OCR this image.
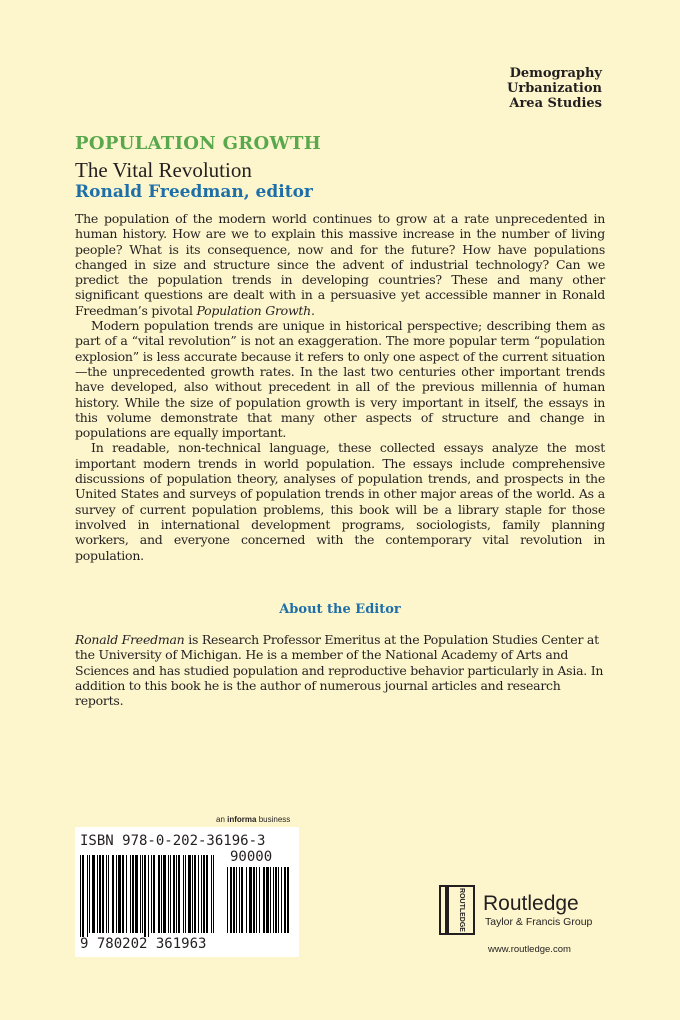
Demography
Urbanization
Area Studies
POPULATION GROWTH
The Vital Revolution
Ronald Freedman, editor

The population of the modern world continues to grow at a rate unprecedented in human history. How are we to explain this massive increase in the number of living people? What is its consequence, now and for the future? How have populations changed in size and structure since the advent of industrial technology? Can we predict the population trends in developing countries? These and many other significant questions are dealt with in a persuasive yet accessible manner in Ronald Freedman’s pivotal Population Growth.

Modern population trends are unique in historical perspective; describing them as part of a “vital revolution” is not an exaggeration. The more popular term “population explosion” is less accurate because it refers to only one aspect of the current situation—the unprecedented growth rates. In the last two centuries other important trends have developed, also without precedent in all of the previous millennia of human history. While the size of population growth is very important in itself, the essays in this volume demonstrate that many other aspects of structure and change in populations are equally important.

In readable, non-technical language, these collected essays analyze the most important modern trends in world population. The essays include comprehensive discussions of population theory, analyses of population trends, and prospects in the United States and surveys of population trends in other major areas of the world. As a survey of current population problems, this book will be a library staple for those involved in international development programs, sociologists, family planning workers, and everyone concerned with the contemporary vital revolution in population.

About the Editor

Ronald Freedman is Research Professor Emeritus at the Population Studies Center at the University of Michigan. He is a member of the National Academy of Arts and Sciences and has studied population and reproductive behavior particularly in Asia. In addition to this book he is the author of numerous journal articles and research reports.

an informa business
ISBN 978-0-202-36196-3
90000
9 780202 361963
ROUTLEDGE Routledge
Taylor & Francis Group
www.routledge.com
